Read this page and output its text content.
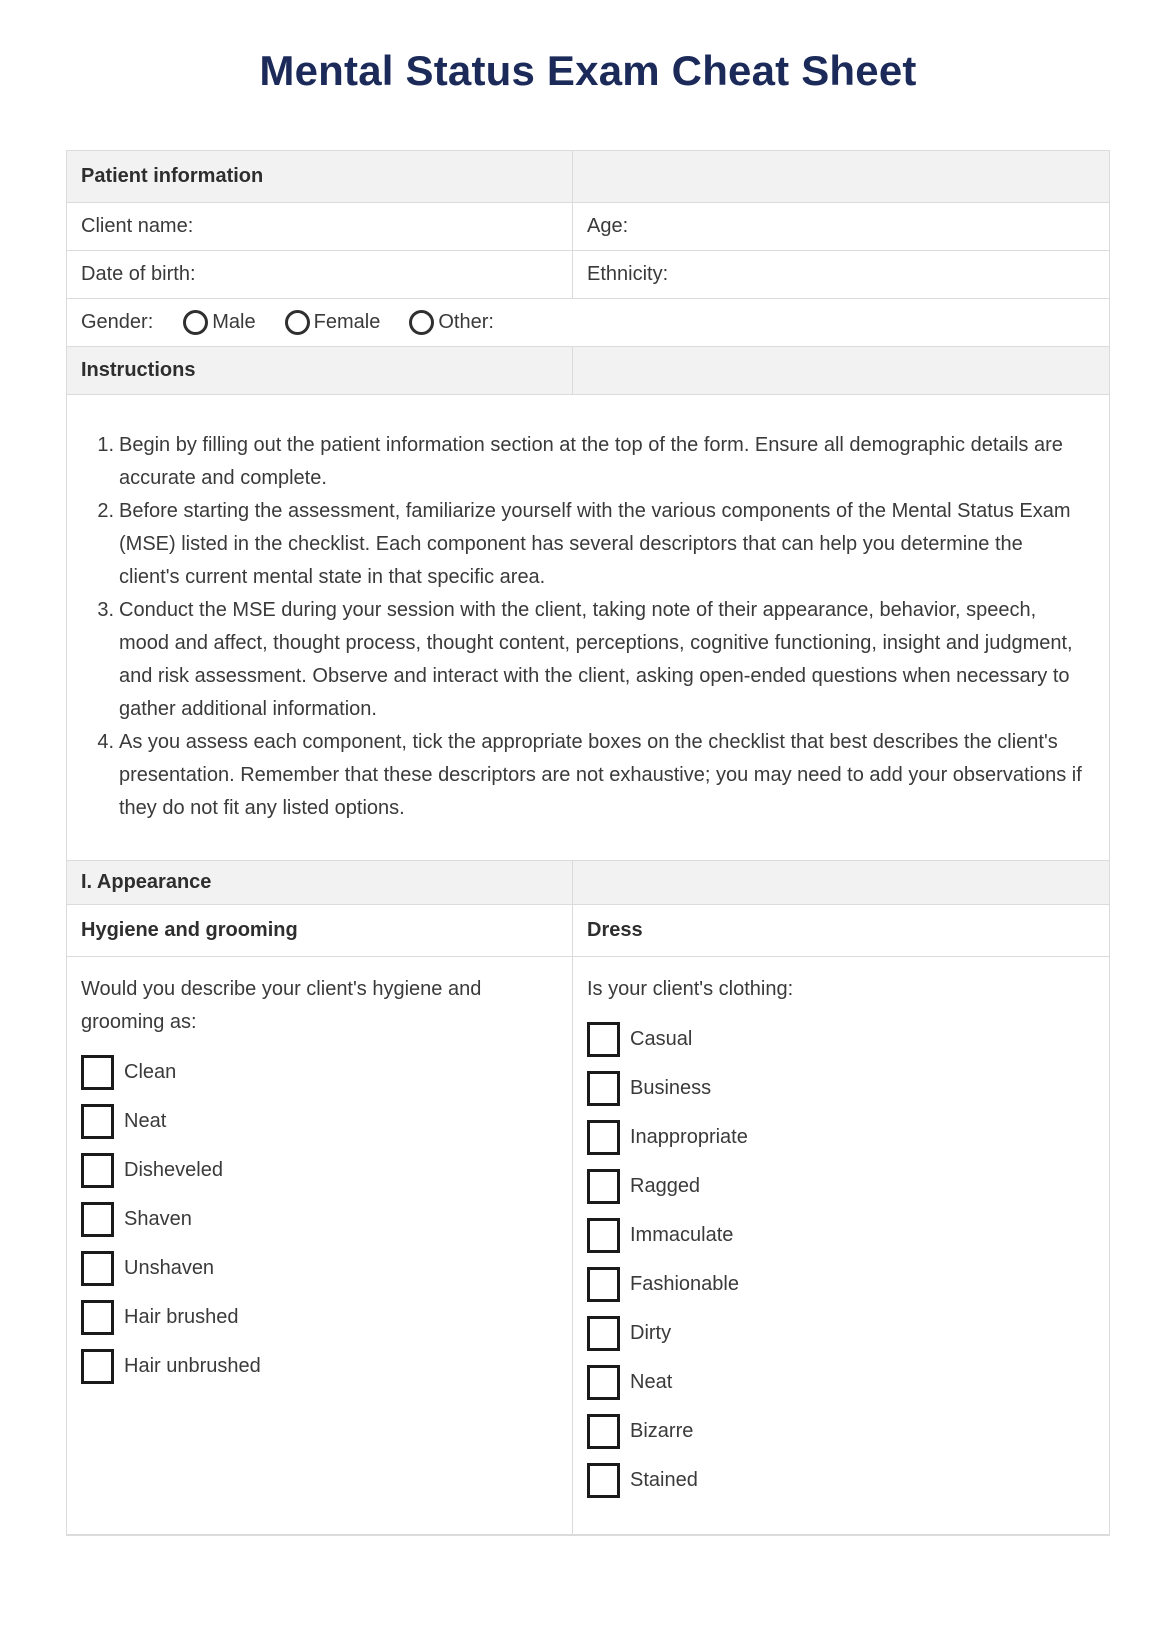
Mental Status Exam Cheat Sheet
Patient information
Client name:	Age:
Date of birth:	Ethnicity:
Gender:	Male	Female	Other:
Instructions
Begin by filling out the patient information section at the top of the form. Ensure all demographic details are accurate and complete.
Before starting the assessment, familiarize yourself with the various components of the Mental Status Exam (MSE) listed in the checklist. Each component has several descriptors that can help you determine the client's current mental state in that specific area.
Conduct the MSE during your session with the client, taking note of their appearance, behavior, speech, mood and affect, thought process, thought content, perceptions, cognitive functioning, insight and judgment, and risk assessment. Observe and interact with the client, asking open-ended questions when necessary to gather additional information.
As you assess each component, tick the appropriate boxes on the checklist that best describes the client's presentation. Remember that these descriptors are not exhaustive; you may need to add your observations if they do not fit any listed options.
I. Appearance
Hygiene and grooming	Dress
Would you describe your client's hygiene and grooming as:
Clean
Neat
Disheveled
Shaven
Unshaven
Hair brushed
Hair unbrushed
Is your client's clothing:
Casual
Business
Inappropriate
Ragged
Immaculate
Fashionable
Dirty
Neat
Bizarre
Stained
